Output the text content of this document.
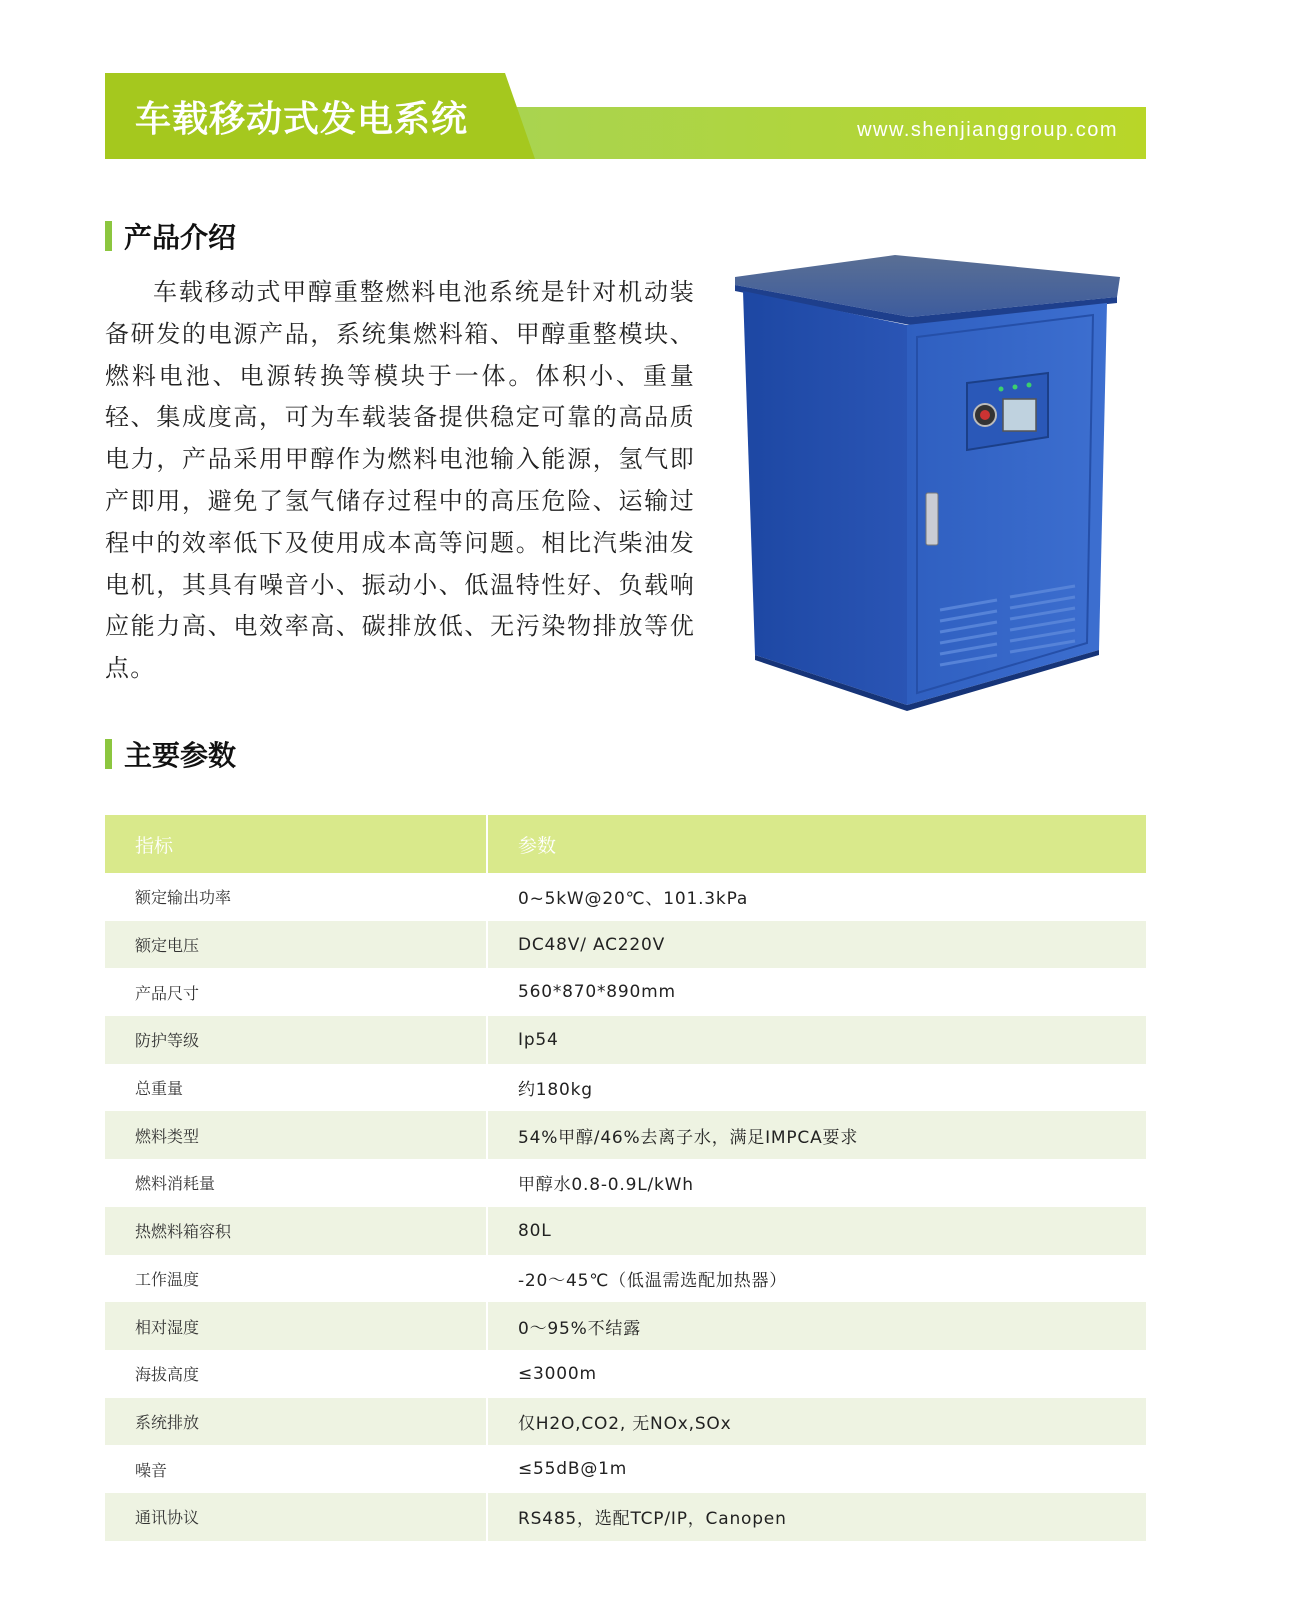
车载移动式发电系统	www.shenjianggroup.com
产品介绍

车载移动式甲醇重整燃料电池系统是针对机动装备研发的电源产品，系统集燃料箱、甲醇重整模块、燃料电池、电源转换等模块于一体。体积小、重量轻、集成度高，可为车载装备提供稳定可靠的高品质电力，产品采用甲醇作为燃料电池输入能源，氢气即产即用，避免了氢气储存过程中的高压危险、运输过程中的效率低下及使用成本高等问题。相比汽柴油发电机，其具有噪音小、振动小、低温特性好、负载响应能力高、电效率高、碳排放低、无污染物排放等优点。

主要参数
指标	参数
额定输出功率	0~5kW@20℃、101.3kPa
额定电压	DC48V/ AC220V
产品尺寸	560*870*890mm
防护等级	Ip54
总重量	约180kg
燃料类型	54%甲醇/46%去离子水，满足IMPCA要求
燃料消耗量	甲醇水0.8-0.9L/kWh
热燃料箱容积	80L
工作温度	-20～45℃（低温需选配加热器）
相对湿度	0～95%不结露
海拔高度	≤3000m
系统排放	仅H2O,CO2, 无NOx,SOx
噪音	≤55dB@1m
通讯协议	RS485，选配TCP/IP，Canopen
